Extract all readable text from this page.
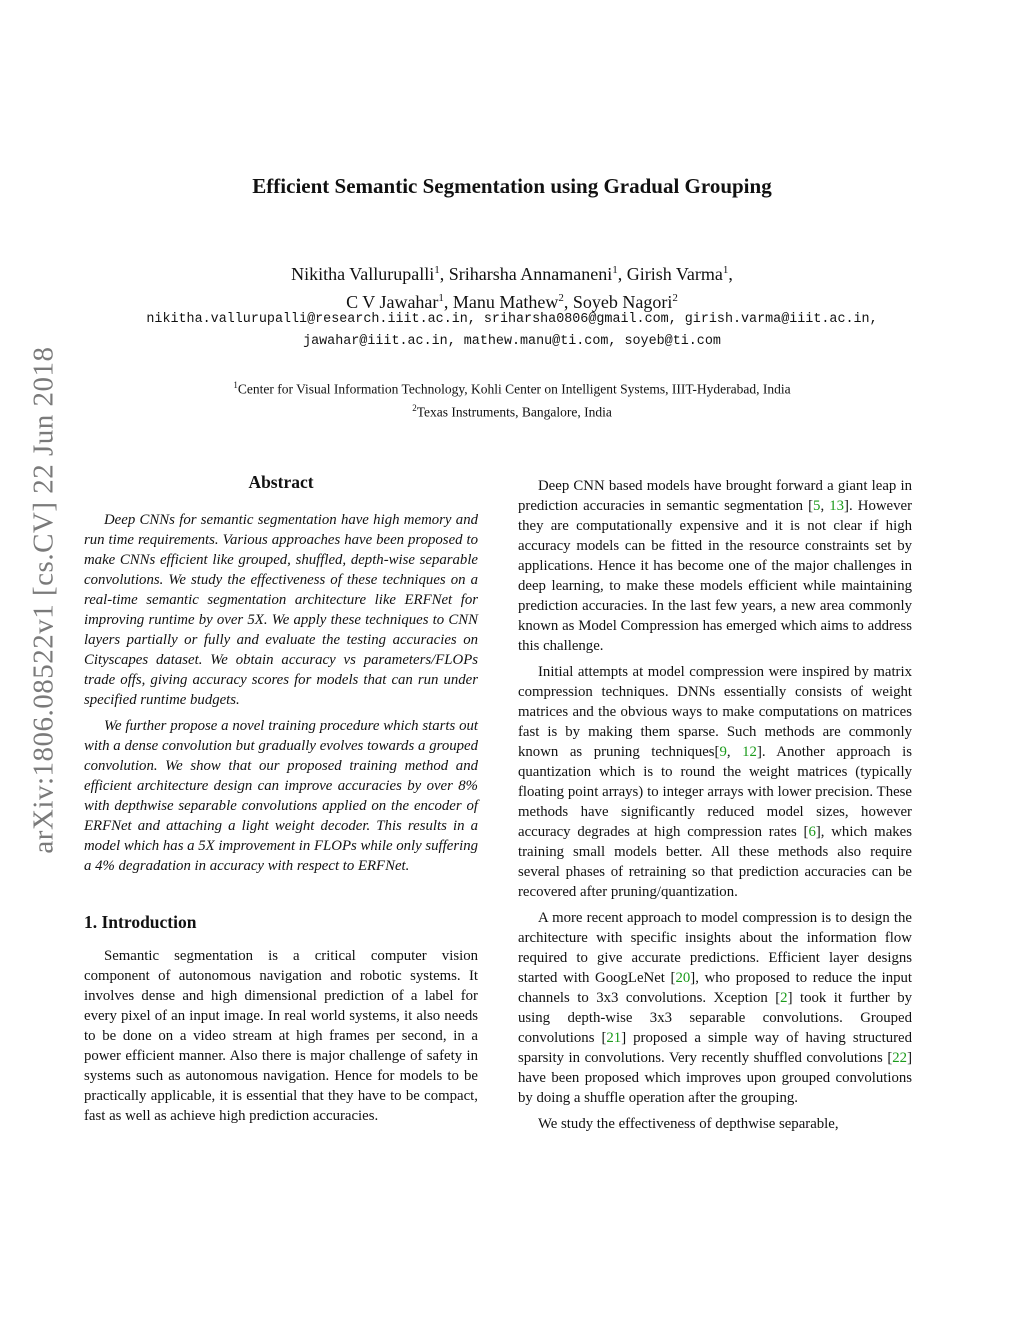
arXiv:1806.08522v1 [cs.CV] 22 Jun 2018
Efficient Semantic Segmentation using Gradual Grouping
Nikitha Vallurupalli$^1$, Sriharsha Annamaneni$^1$, Girish Varma$^1$,
C V Jawahar$^1$, Manu Mathew$^2$, Soyeb Nagori$^2$
nikitha.vallurupalli@research.iiit.ac.in, sriharsha0806@gmail.com, girish.varma@iiit.ac.in,
jawahar@iiit.ac.in, mathew.manu@ti.com, soyeb@ti.com
$^1$Center for Visual Information Technology, Kohli Center on Intelligent Systems, IIIT-Hyderabad, India
$^2$Texas Instruments, Bangalore, India
Abstract

Deep CNNs for semantic segmentation have high memory and run time requirements. Various approaches have been proposed to make CNNs efficient like grouped, shuffled, depth-wise separable convolutions. We study the effectiveness of these techniques on a real-time semantic segmentation architecture like ERFNet for improving runtime by over 5X. We apply these techniques to CNN layers partially or fully and evaluate the testing accuracies on Cityscapes dataset. We obtain accuracy vs parameters/FLOPs trade offs, giving accuracy scores for models that can run under specified runtime budgets.

We further propose a novel training procedure which starts out with a dense convolution but gradually evolves towards a grouped convolution. We show that our proposed training method and efficient architecture design can improve accuracies by over 8% with depthwise separable convolutions applied on the encoder of ERFNet and attaching a light weight decoder. This results in a model which has a 5X improvement in FLOPs while only suffering a 4% degradation in accuracy with respect to ERFNet.

1. Introduction

Semantic segmentation is a critical computer vision component of autonomous navigation and robotic systems. It involves dense and high dimensional prediction of a label for every pixel of an input image. In real world systems, it also needs to be done on a video stream at high frames per second, in a power efficient manner. Also there is major challenge of safety in systems such as autonomous navigation. Hence for models to be practically applicable, it is essential that they have to be compact, fast as well as achieve high prediction accuracies.

Deep CNN based models have brought forward a giant leap in prediction accuracies in semantic segmentation [5, 13]. However they are computationally expensive and it is not clear if high accuracy models can be fitted in the resource constraints set by applications. Hence it has become one of the major challenges in deep learning, to make these models efficient while maintaining prediction accuracies. In the last few years, a new area commonly known as Model Compression has emerged which aims to address this challenge.

Initial attempts at model compression were inspired by matrix compression techniques. DNNs essentially consists of weight matrices and the obvious ways to make computations on matrices fast is by making them sparse. Such methods are commonly known as pruning techniques[9, 12]. Another approach is quantization which is to round the weight matrices (typically floating point arrays) to integer arrays with lower precision. These methods have significantly reduced model sizes, however accuracy degrades at high compression rates [6], which makes training small models better. All these methods also require several phases of retraining so that prediction accuracies can be recovered after pruning/quantization.

A more recent approach to model compression is to design the architecture with specific insights about the information flow required to give accurate predictions. Efficient layer designs started with GoogLeNet [20], who proposed to reduce the input channels to 3x3 convolutions. Xception [2] took it further by using depth-wise 3x3 separable convolutions. Grouped convolutions [21] proposed a simple way of having structured sparsity in convolutions. Very recently shuffled convolutions [22] have been proposed which improves upon grouped convolutions by doing a shuffle operation after the grouping.

We study the effectiveness of depthwise separable,
